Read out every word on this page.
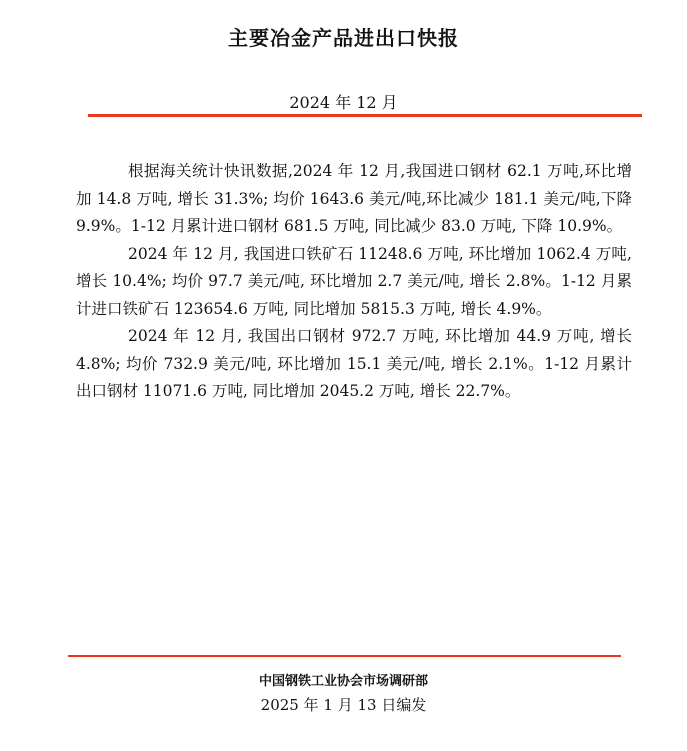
主要冶金产品进出口快报
2024 年 12 月

根据海关统计快讯数据,2024 年 12 月,我国进口钢材 62.1 万吨,环比增加 14.8 万吨, 增长 31.3%; 均价 1643.6 美元/吨,环比减少 181.1 美元/吨,下降 9.9%。1-12 月累计进口钢材 681.5 万吨, 同比减少 83.0 万吨, 下降 10.9%。

2024 年 12 月, 我国进口铁矿石 11248.6 万吨, 环比增加 1062.4 万吨, 增长 10.4%; 均价 97.7 美元/吨, 环比增加 2.7 美元/吨, 增长 2.8%。1-12 月累计进口铁矿石 123654.6 万吨, 同比增加 5815.3 万吨, 增长 4.9%。

2024 年 12 月, 我国出口钢材 972.7 万吨, 环比增加 44.9 万吨, 增长 4.8%; 均价 732.9 美元/吨, 环比增加 15.1 美元/吨, 增长 2.1%。1-12 月累计出口钢材 11071.6 万吨, 同比增加 2045.2 万吨, 增长 22.7%。

中国钢铁工业协会市场调研部
2025 年 1 月 13 日编发
